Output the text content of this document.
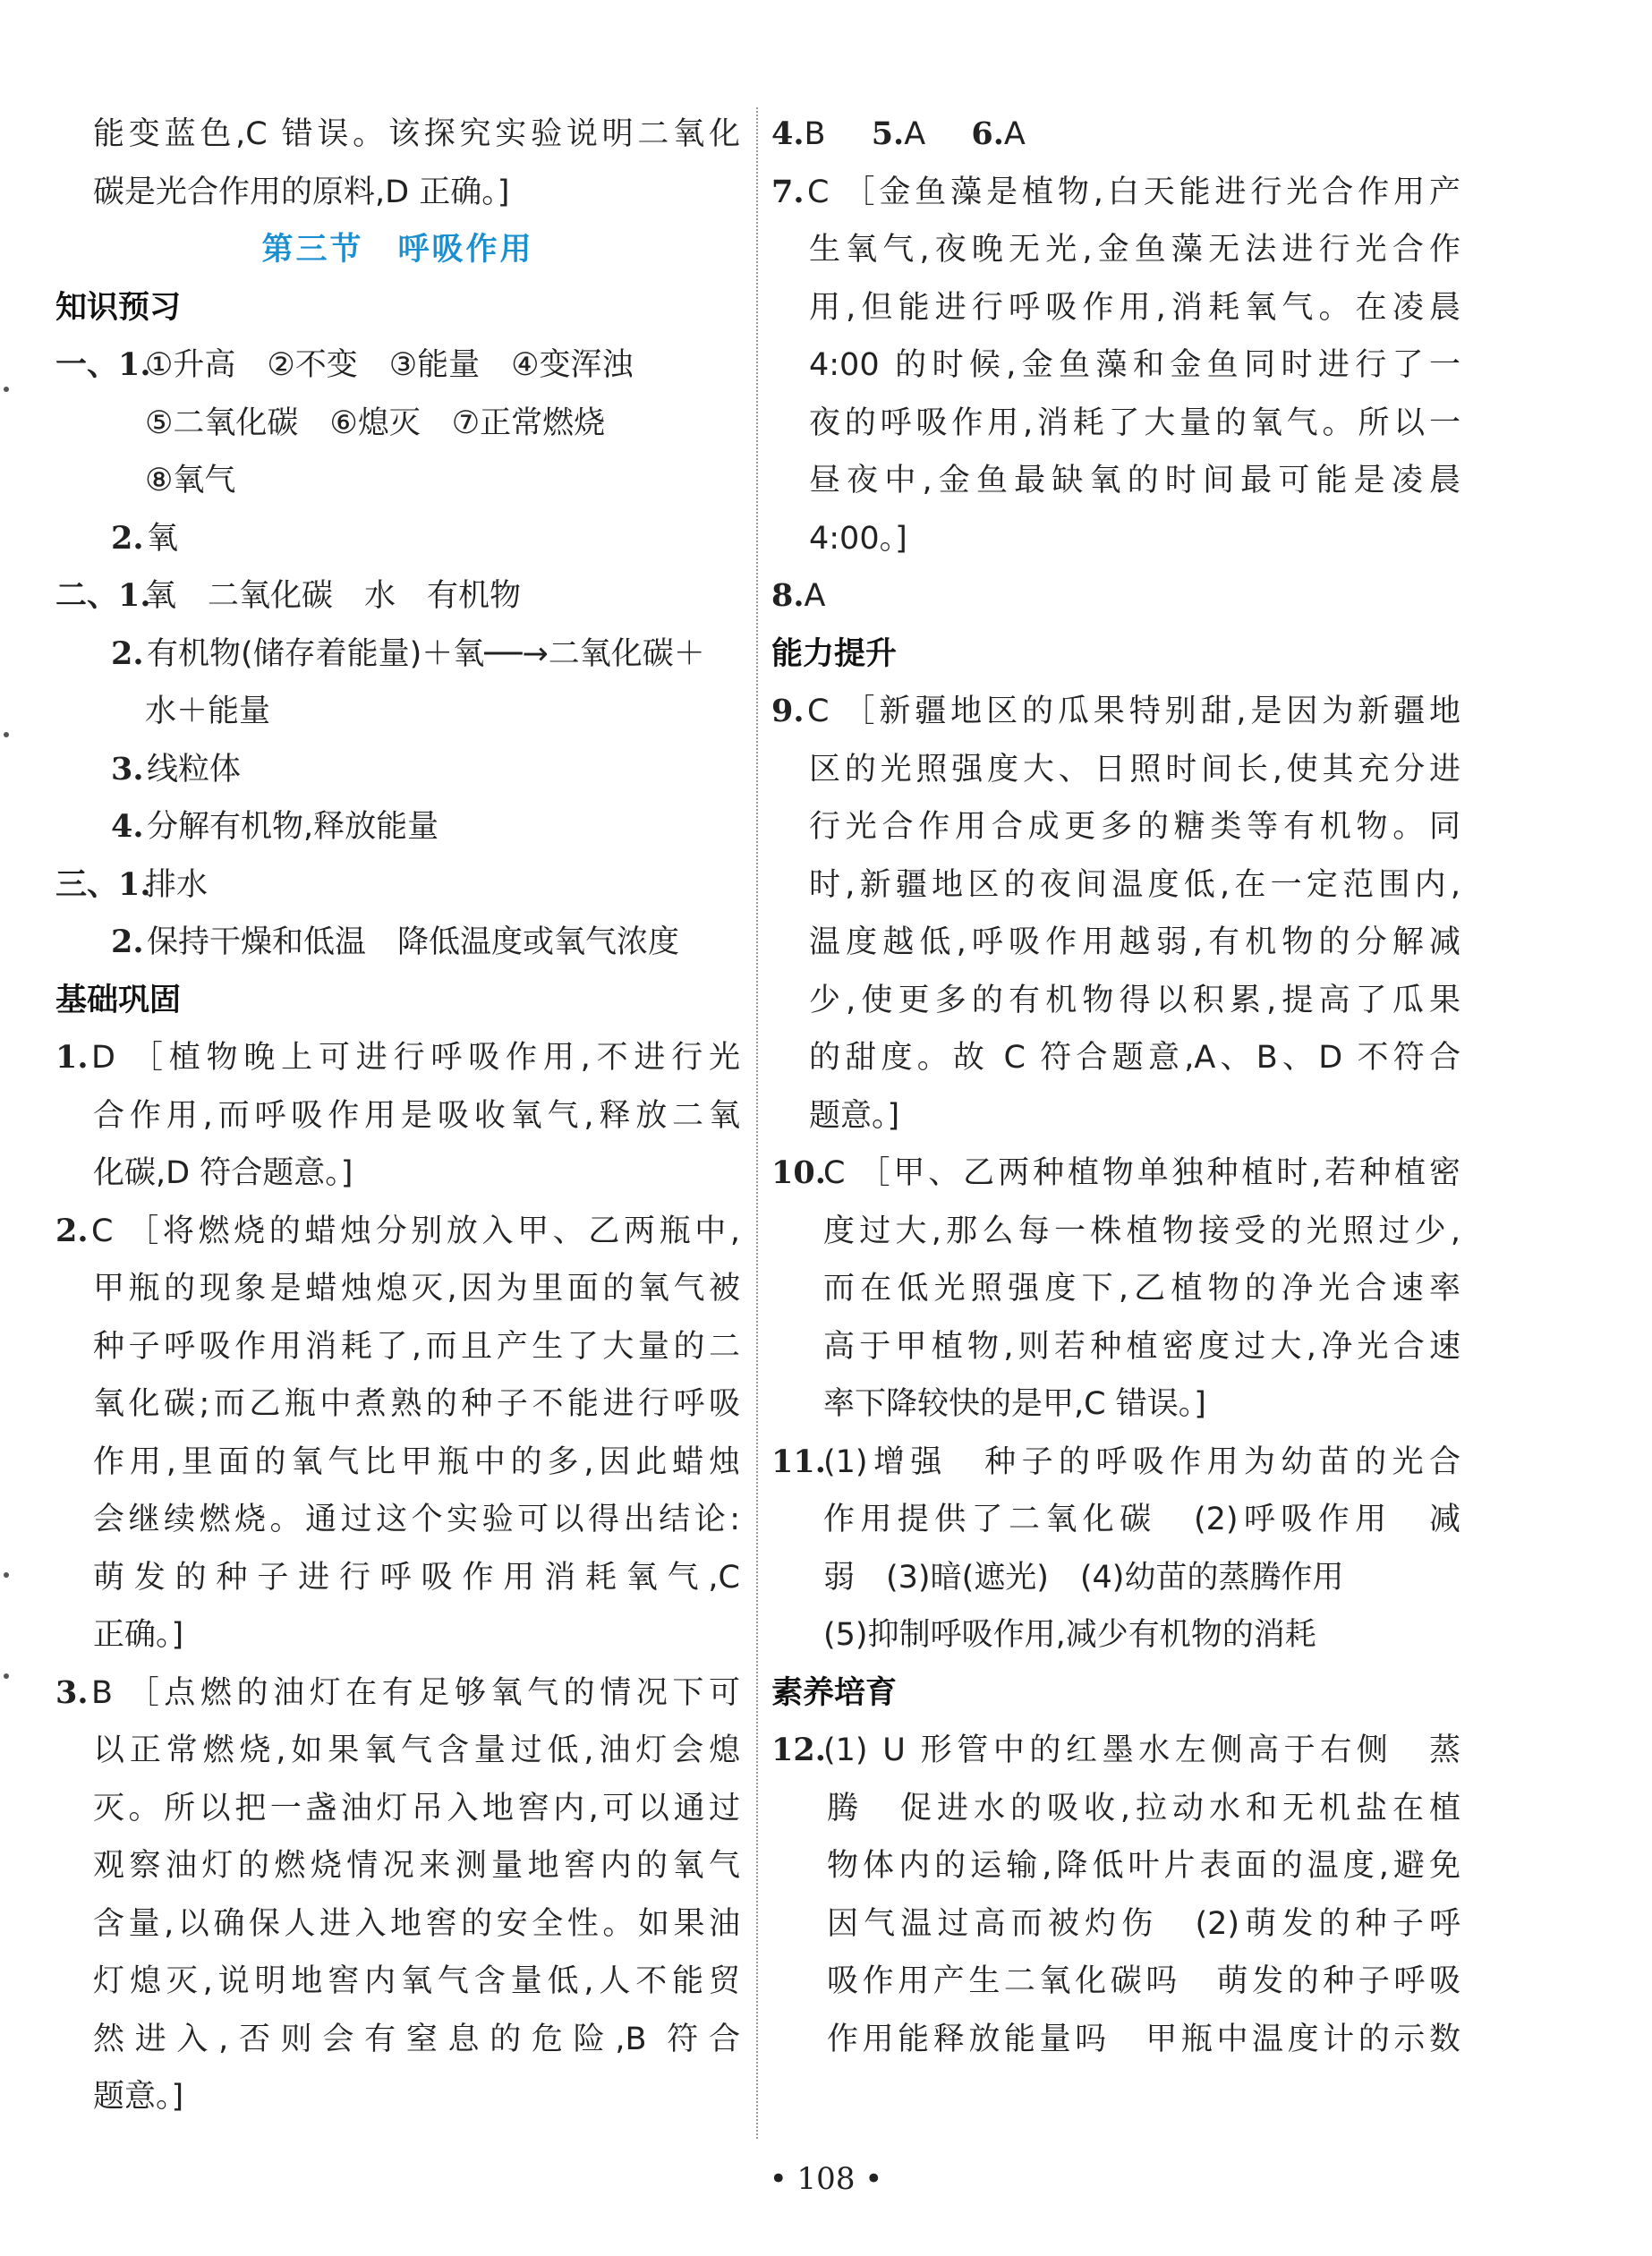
能变蓝色,C 错误。该探究实验说明二氧化
碳是光合作用的原料,D 正确。]
第三节　呼吸作用
知识预习
一、1.①升高　②不变　③能量　④变浑浊
⑤二氧化碳　⑥熄灭　⑦正常燃烧
⑧氧气
2.氧
二、1.氧　二氧化碳　水　有机物
2.有机物(储存着能量)＋氧──→二氧化碳＋
水＋能量
3.线粒体
4.分解有机物,释放能量
三、1.排水
2.保持干燥和低温　降低温度或氧气浓度
基础巩固
1.D ［植物晚上可进行呼吸作用,不进行光
合作用,而呼吸作用是吸收氧气,释放二氧
化碳,D 符合题意。]
2.C ［将燃烧的蜡烛分别放入甲、乙两瓶中,
甲瓶的现象是蜡烛熄灭,因为里面的氧气被
种子呼吸作用消耗了,而且产生了大量的二
氧化碳;而乙瓶中煮熟的种子不能进行呼吸
作用,里面的氧气比甲瓶中的多,因此蜡烛
会继续燃烧。通过这个实验可以得出结论:
萌发的种子进行呼吸作用消耗氧气,C
正确。]
3.B ［点燃的油灯在有足够氧气的情况下可
以正常燃烧,如果氧气含量过低,油灯会熄
灭。所以把一盏油灯吊入地窖内,可以通过
观察油灯的燃烧情况来测量地窖内的氧气
含量,以确保人进入地窖的安全性。如果油
灯熄灭,说明地窖内氧气含量低,人不能贸
然进入,否则会有窒息的危险,B 符合
题意。]
4.B 5.A 6.A
7.C ［金鱼藻是植物,白天能进行光合作用产
生氧气,夜晚无光,金鱼藻无法进行光合作
用,但能进行呼吸作用,消耗氧气。在凌晨
4:00 的时候,金鱼藻和金鱼同时进行了一
夜的呼吸作用,消耗了大量的氧气。所以一
昼夜中,金鱼最缺氧的时间最可能是凌晨
4:00。]
8.A
能力提升
9.C ［新疆地区的瓜果特别甜,是因为新疆地
区的光照强度大、日照时间长,使其充分进
行光合作用合成更多的糖类等有机物。同
时,新疆地区的夜间温度低,在一定范围内,
温度越低,呼吸作用越弱,有机物的分解减
少,使更多的有机物得以积累,提高了瓜果
的甜度。故 C 符合题意,A、B、D 不符合
题意。]
10.C ［甲、乙两种植物单独种植时,若种植密
度过大,那么每一株植物接受的光照过少,
而在低光照强度下,乙植物的净光合速率
高于甲植物,则若种植密度过大,净光合速
率下降较快的是甲,C 错误。]
11.(1)增强　种子的呼吸作用为幼苗的光合
作用提供了二氧化碳　(2)呼吸作用　减
弱　(3)暗(遮光)　(4)幼苗的蒸腾作用
(5)抑制呼吸作用,减少有机物的消耗
素养培育
12.(1) U 形管中的红墨水左侧高于右侧　蒸
腾　促进水的吸收,拉动水和无机盐在植
物体内的运输,降低叶片表面的温度,避免
因气温过高而被灼伤　(2)萌发的种子呼
吸作用产生二氧化碳吗　萌发的种子呼吸
作用能释放能量吗　甲瓶中温度计的示数
• 108 •
